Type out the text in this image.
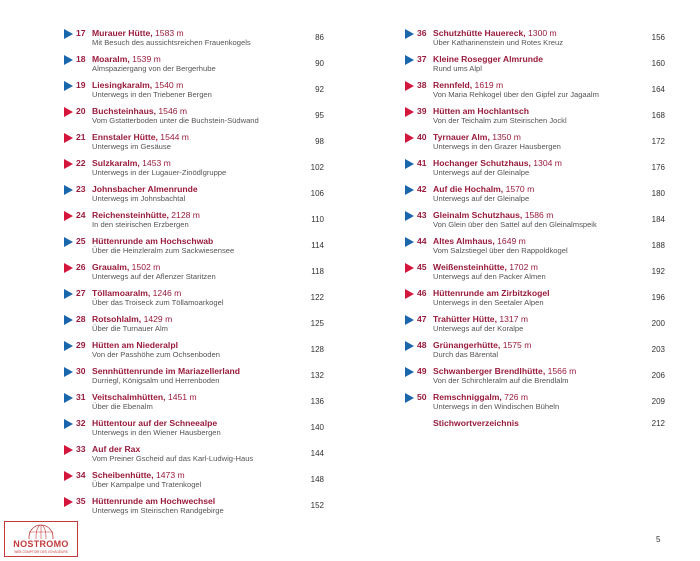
17 Murauer Hütte, 1583 m
Mit Besuch des aussichtsreichen Frauenkogels
86
18 Moaralm, 1539 m
Almspaziergang von der Bergerhube
90
19 Liesingkaralm, 1540 m
Unterwegs in den Triebener Bergen
92
20 Buchsteinhaus, 1546 m
Vom Gstatterboden unter die Buchstein-Südwand
95
21 Ennstaler Hütte, 1544 m
Unterwegs im Gesäuse
98
22 Sulzkaralm, 1453 m
Unterwegs in der Lugauer-Zinödlgruppe
102
23 Johnsbacher Almenrunde
Unterwegs im Johnsbachtal
106
24 Reichensteinhütte, 2128 m
In den steirischen Erzbergen
110
25 Hüttenrunde am Hochschwab
Über die Heinzleralm zum Sackwiesensee
114
26 Graualm, 1502 m
Unterwegs auf der Aflenzer Staritzen
118
27 Töllamoaralm, 1246 m
Über das Troiseck zum Töllamoarkogel
122
28 Rotsohlalm, 1429 m
Über die Turnauer Alm
125
29 Hütten am Niederalpl
Von der Passhöhe zum Ochsenboden
128
30 Sennhüttenrunde im Mariazellerland
Durriegl, Königsalm und Herrenboden
132
31 Veitschalmhütten, 1451 m
Über die Ebenalm
136
32 Hüttentour auf der Schneealpe
Unterwegs in den Wiener Hausbergen
140
33 Auf der Rax
Vom Preiner Gscheid auf das Karl-Ludwig-Haus
144
34 Scheibenhütte, 1473 m
Über Kampalpe und Tratenkogel
148
35 Hüttenrunde am Hochwechsel
Unterwegs im Steirischen Randgebirge
152
36 Schutzhütte Hauereck, 1300 m
Über Katharinenstein und Rotes Kreuz
156
37 Kleine Rosegger Almrunde
Rund ums Alpl
160
38 Rennfeld, 1619 m
Von Maria Rehkogel über den Gipfel zur Jagaalm
164
39 Hütten am Hochlantsch
Von der Teichalm zum Steirischen Jockl
168
40 Tyrnauer Alm, 1350 m
Unterwegs in den Grazer Hausbergen
172
41 Hochanger Schutzhaus, 1304 m
Unterwegs auf der Gleinalpe
176
42 Auf die Hochalm, 1570 m
Unterwegs auf der Gleinalpe
180
43 Gleinalm Schutzhaus, 1586 m
Von Glein über den Sattel auf den Gleinalmspeik
184
44 Altes Almhaus, 1649 m
Vom Salzstiegel über den Rappoldkogel
188
45 Weißensteinhütte, 1702 m
Unterwegs auf den Packer Almen
192
46 Hüttenrunde am Zirbitzkogel
Unterwegs in den Seetaler Alpen
196
47 Trahütter Hütte, 1317 m
Unterwegs auf der Koralpe
200
48 Grünangerhütte, 1575 m
Durch das Bärental
203
49 Schwanberger Brendlhütte, 1566 m
Von der Schirchleralm auf die Brendlalm
206
50 Remschniggalm, 726 m
Unterwegs in den Windischen Büheln
209
Stichwortverzeichnis	212
5
NOSTROMO
WEB COMPTOIR DES VOYAGEURS
